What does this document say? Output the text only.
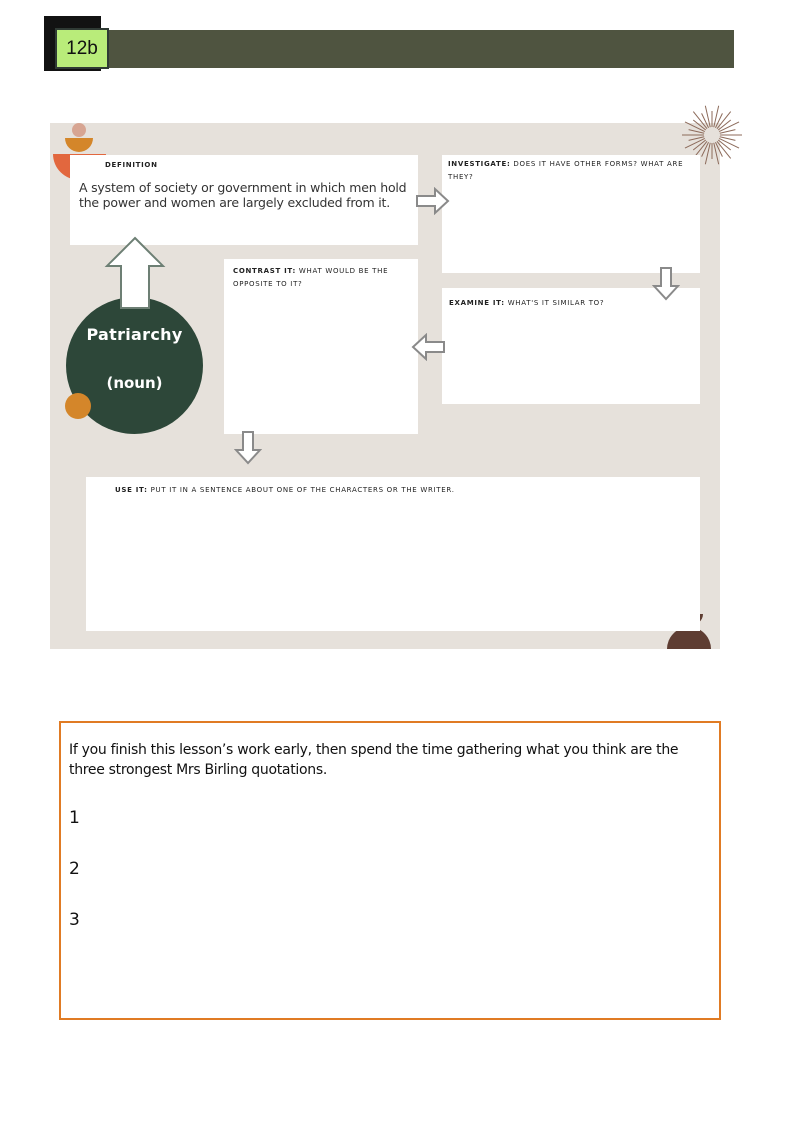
12b
DEFINITION
A system of society or government in which men hold the power and women are largely excluded from it.
INVESTIGATE: DOES IT HAVE OTHER FORMS? WHAT ARE THEY?
CONTRAST IT: WHAT WOULD BE THE OPPOSITE TO IT?
EXAMINE IT: WHAT'S IT SIMILAR TO?
USE IT: PUT IT IN A SENTENCE ABOUT ONE OF THE CHARACTERS OR THE WRITER.
Patriarchy
(noun)
If you finish this lesson’s work early, then spend the time gathering what you think are the three strongest Mrs Birling quotations.
1
2
3
